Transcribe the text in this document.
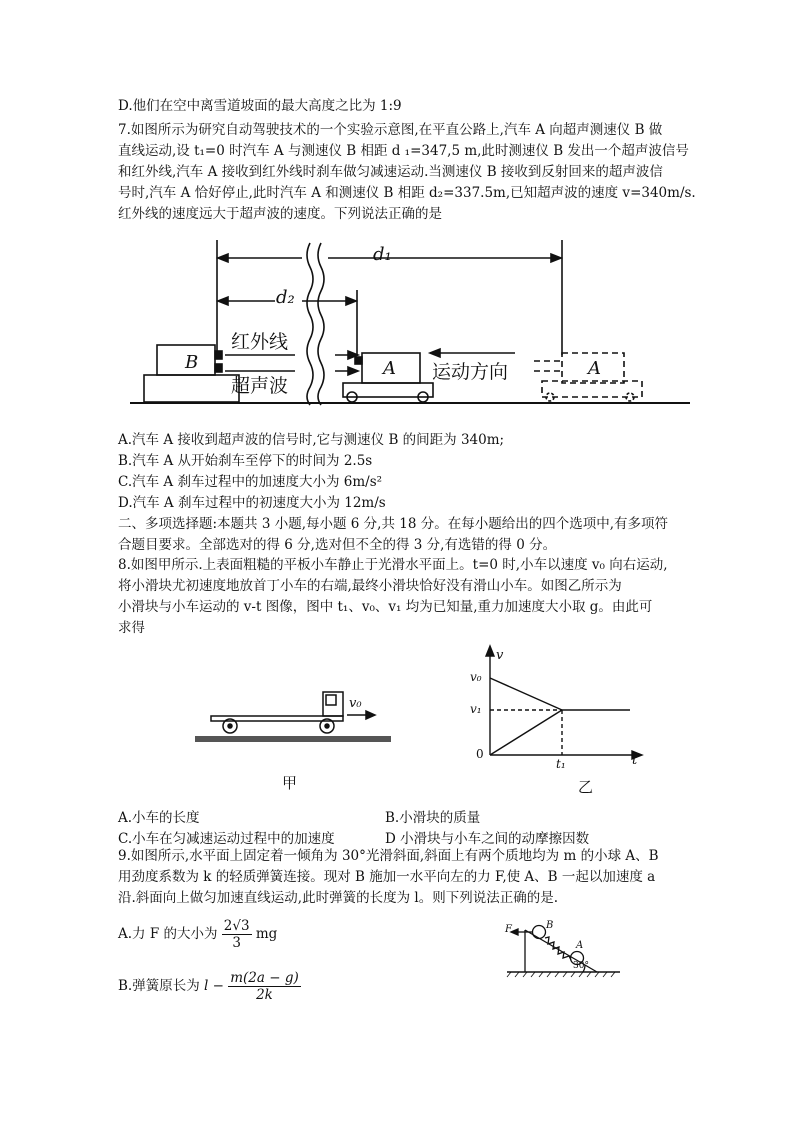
D.他们在空中离雪道坡面的最大高度之比为 1:9
7.如图所示为研究自动驾驶技术的一个实验示意图,在平直公路上,汽车 A 向超声测速仪 B 做
直线运动,设 t₁=0 时汽车 A 与测速仪 B 相距 d ₁=347,5 m,此时测速仪 B 发出一个超声波信号
和红外线,汽车 A 接收到红外线时刹车做匀减速运动.当测速仪 B 接收到反射回来的超声波信
号时,汽车 A 恰好停止,此时汽车 A 和测速仪 B 相距 d₂=337.5m,已知超声波的速度 v=340m/s.
红外线的速度远大于超声波的速度。下列说法正确的是
d₁
d₂
红外线
超声波
B	A 运动方向	A
A.汽车 A 接收到超声波的信号时,它与测速仪 B 的间距为 340m;
B.汽车 A 从开始刹车至停下的时间为 2.5s
C.汽车 A 刹车过程中的加速度大小为 6m/s²
D.汽车 A 刹车过程中的初速度大小为 12m/s
二、多项选择题:本题共 3 小题,每小题 6 分,共 18 分。在每小题给出的四个选项中,有多项符
合题目要求。全部选对的得 6 分,选对但不全的得 3 分,有选错的得 0 分。
8.如图甲所示.上表面粗糙的平板小车静止于光滑水平面上。t=0 时,小车以速度 v₀ 向右运动,
将小滑块尤初速度地放首丁小车的右端,最终小滑块恰好没有滑山小车。如图乙所示为
小滑块与小车运动的 v-t 图像，图中 t₁、v₀、v₁ 均为已知量,重力加速度大小取 g。由此可
求得
v₀
甲
v
v₀
v₁
0
t₁	t
乙
A.小车的长度	B.小滑块的质量
C.小车在匀减速运动过程中的加速度	D 小滑块与小车之间的动摩擦因数
9.如图所示,水平面上固定着一倾角为 30°光滑斜面,斜面上有两个质地均为 m 的小球 A、B
用劲度系数为 k 的轻质弹簧连接。现对 B 施加一水平向左的力 F,使 A、B 一起以加速度 a
沿.斜面向上做匀加速直线运动,此时弹簧的长度为 l。则下列说法正确的是.
A.力 F 的大小为 $\frac{2√3}{3}$ mg
B.弹簧原长为 $l - \frac{m(2a - g)}{2k}$
F	B
A
30°
